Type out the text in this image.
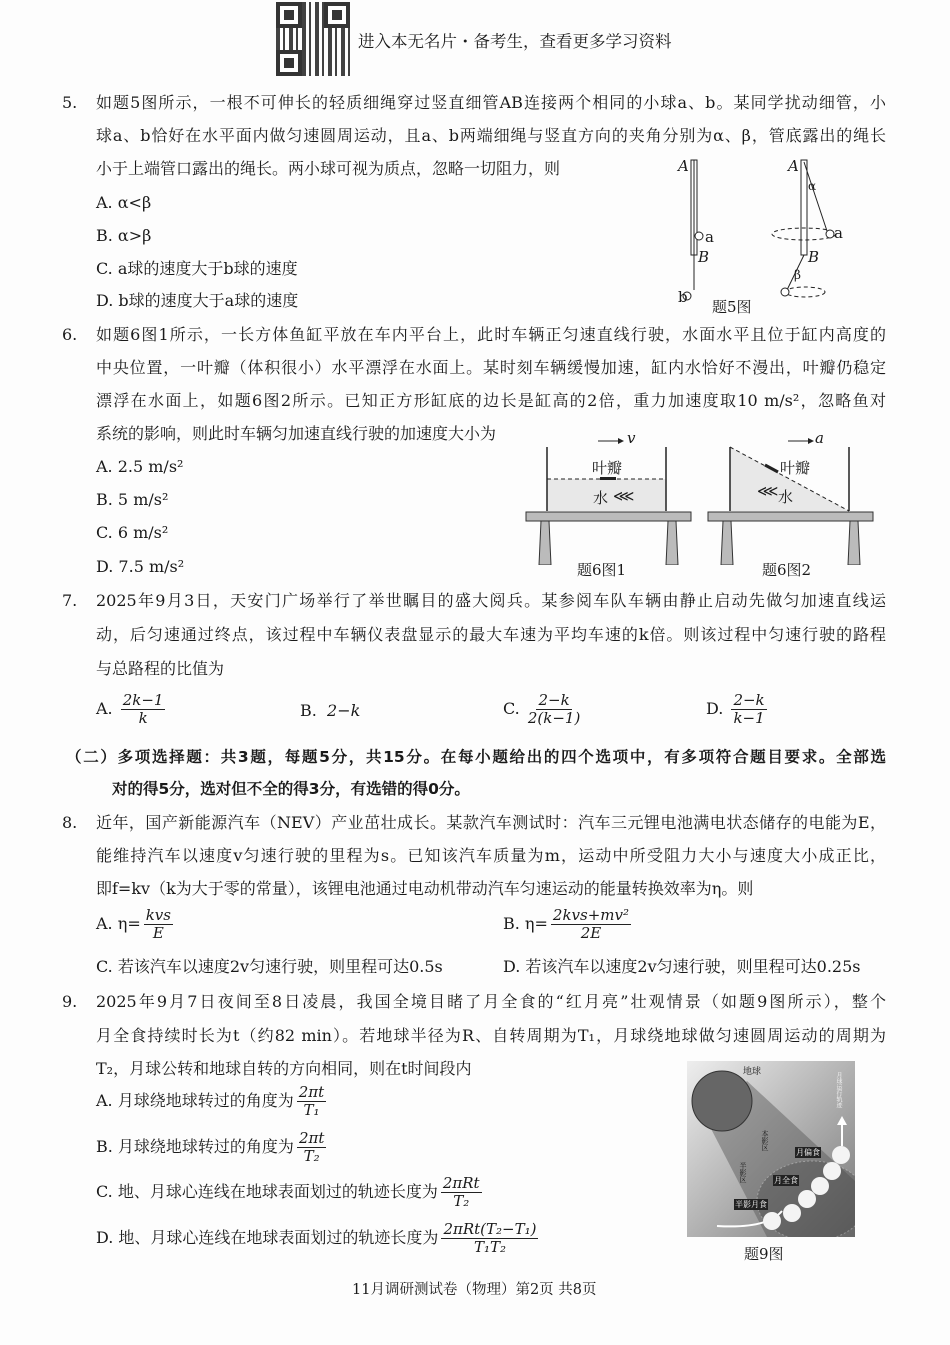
进入本无名片・备考生，查看更多学习资料
5. 如题5图所示，一根不可伸长的轻质细绳穿过竖直细管AB连接两个相同的小球a、b。某同学扰动细管，小
球a、b恰好在水平面内做匀速圆周运动，且a、b两端细绳与竖直方向的夹角分别为α、β，管底露出的绳长
小于上端管口露出的绳长。两小球可视为质点，忽略一切阻力，则
A. α<β
B. α>β
C. a球的速度大于b球的速度
D. b球的速度大于a球的速度
A
B
a
b
A
α
β
B
a
题5图
6. 如题6图1所示，一长方体鱼缸平放在车内平台上，此时车辆正匀速直线行驶，水面水平且位于缸内高度的
中央位置，一叶瓣（体积很小）水平漂浮在水面上。某时刻车辆缓慢加速，缸内水恰好不漫出，叶瓣仍稳定
漂浮在水面上，如题6图2所示。已知正方形缸底的边长是缸高的2倍，重力加速度取10 m/s²，忽略鱼对
系统的影响，则此时车辆匀加速直线行驶的加速度大小为
A. 2.5 m/s²
B. 5 m/s²
C. 6 m/s²
D. 7.5 m/s²
v
叶瓣
水 ⋘
题6图1
a
叶瓣
水
⋘
题6图2
7. 2025年9月3日，天安门广场举行了举世瞩目的盛大阅兵。某参阅车队车辆由静止启动先做匀加速直线运
动，后匀速通过终点，该过程中车辆仪表盘显示的最大车速为平均车速的k倍。则该过程中匀速行驶的路程
与总路程的比值为
A. $\frac{2k-1}{k}$	B. 2−k	C. $\frac{2-k}{2(k-1)}$	D. $\frac{2-k}{k-1}$
（二）多项选择题：共3题，每题5分，共15分。在每小题给出的四个选项中，有多项符合题目要求。全部选
对的得5分，选对但不全的得3分，有选错的得0分。
8. 近年，国产新能源汽车（NEV）产业茁壮成长。某款汽车测试时：汽车三元锂电池满电状态储存的电能为E，
能维持汽车以速度v匀速行驶的里程为s。已知该汽车质量为m，运动中所受阻力大小与速度大小成正比，
即f=kv（k为大于零的常量），该锂电池通过电动机带动汽车匀速运动的能量转换效率为η。则
A. $\eta= \frac{\text{kvs}}{E}$	B. $\eta= \frac{\text{2kvs+mv²}}{2E}$
C. 若该汽车以速度2v匀速行驶，则里程可达0.5s	D. 若该汽车以速度2v匀速行驶，则里程可达0.25s
9. 2025年9月7日夜间至8日凌晨，我国全境目睹了月全食的“红月亮”壮观情景（如题9图所示），整个
月全食持续时长为t（约82 min）。若地球半径为R、自转周期为T₁，月球绕地球做匀速圆周运动的周期为
T₂，月球公转和地球自转的方向相同，则在t时间段内
A. 月球绕地球转过的角度为 $\frac{2\pi t}{\text{T₁}}$
B. 月球绕地球转过的角度为 $\frac{2\pi t}{\text{T₂}}$
C. 地、月球心连线在地球表面划过的轨迹长度为 $\frac{\text{2πRt}}{\text{T₂}}$
D. 地、月球心连线在地球表面划过的轨迹长度为 $\frac{\text{2πRt(T₂−T₁)}}{\text{T₁T₂}}$
地球	月球运行轨迹
本影区
半影区
月偏食
月全食
半影月食
题9图
11月调研测试卷（物理）第2页 共8页
